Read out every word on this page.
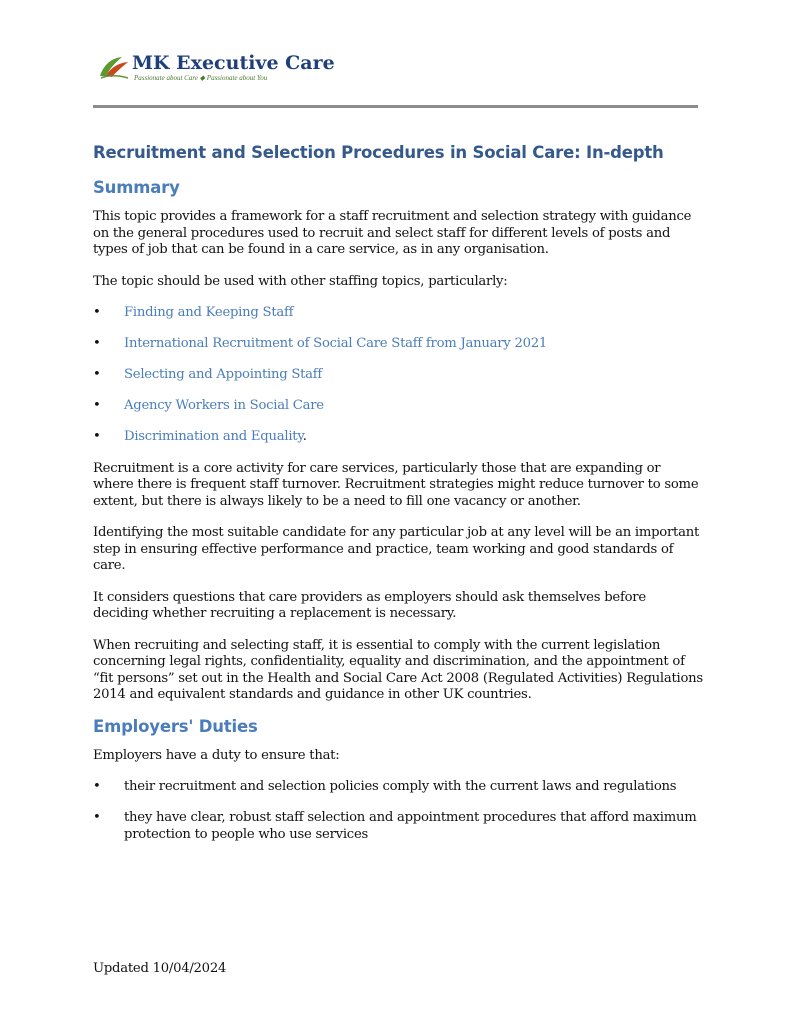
MK Executive Care
Passionate about Care ◆ Passionate about You
Recruitment and Selection Procedures in Social Care: In-depth
Summary

This topic provides a framework for a staff recruitment and selection strategy with guidance on the general procedures used to recruit and select staff for different levels of posts and types of job that can be found in a care service, as in any organisation.

The topic should be used with other staffing topics, particularly:

• Finding and Keeping Staff
• International Recruitment of Social Care Staff from January 2021
• Selecting and Appointing Staff
• Agency Workers in Social Care
• Discrimination and Equality.

Recruitment is a core activity for care services, particularly those that are expanding or where there is frequent staff turnover. Recruitment strategies might reduce turnover to some extent, but there is always likely to be a need to fill one vacancy or another.

Identifying the most suitable candidate for any particular job at any level will be an important step in ensuring effective performance and practice, team working and good standards of care.

It considers questions that care providers as employers should ask themselves before deciding whether recruiting a replacement is necessary.

When recruiting and selecting staff, it is essential to comply with the current legislation concerning legal rights, confidentiality, equality and discrimination, and the appointment of “fit persons” set out in the Health and Social Care Act 2008 (Regulated Activities) Regulations 2014 and equivalent standards and guidance in other UK countries.

Employers' Duties

Employers have a duty to ensure that:

• their recruitment and selection policies comply with the current laws and regulations
• they have clear, robust staff selection and appointment procedures that afford maximum protection to people who use services
Updated 10/04/2024
